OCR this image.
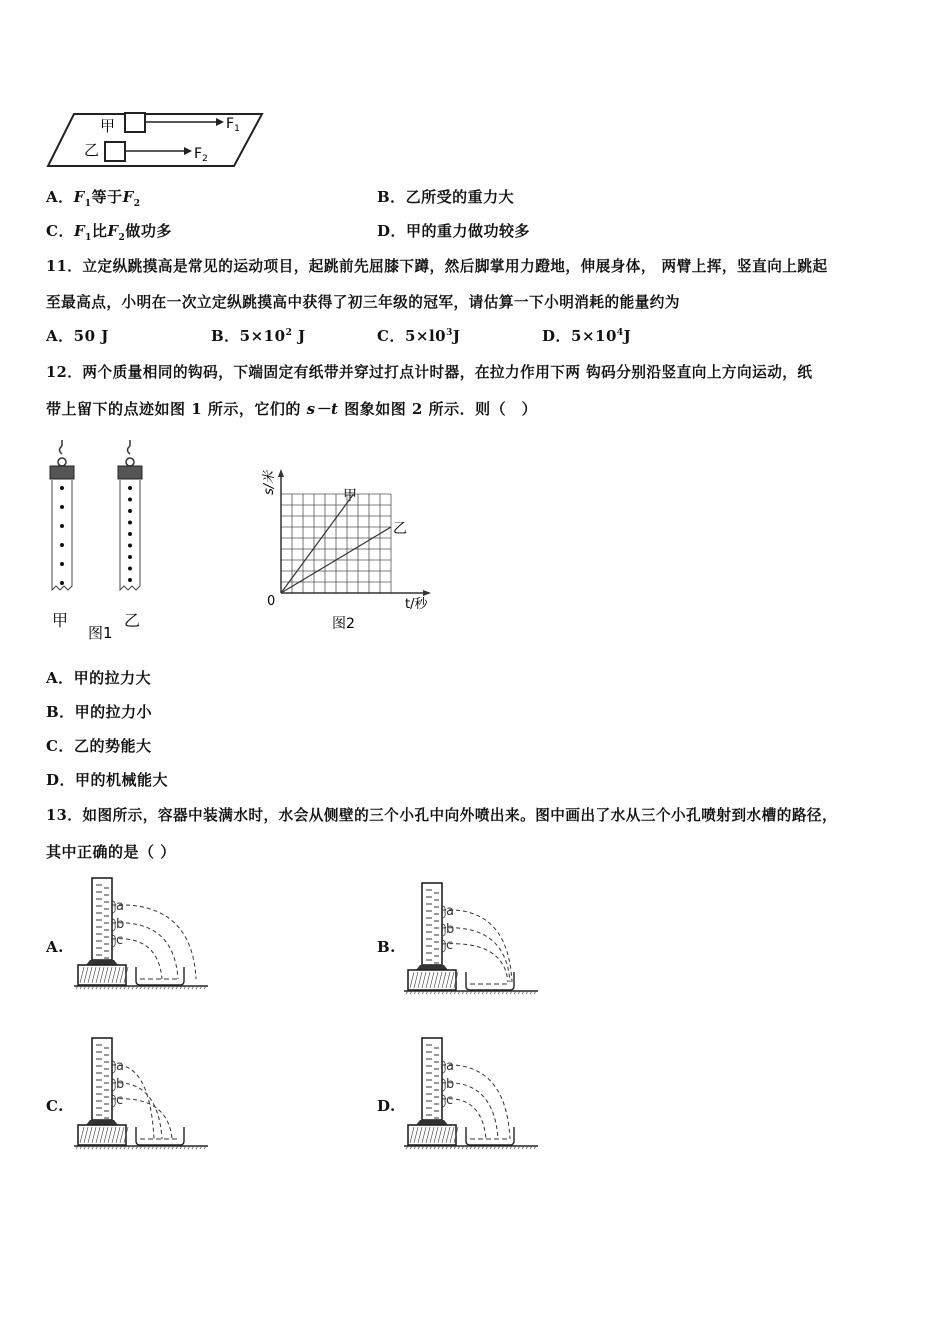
甲	$F_1$
乙	$F_2$
A．$F_1$等于$F_2$	B．乙所受的重力大
C．$F_1$比$F_2$做功多	D．甲的重力做功较多
11．立定纵跳摸高是常见的运动项目，起跳前先屈膝下蹲，然后脚掌用力蹬地，伸展身体， 两臂上挥，竖直向上跳起
至最高点，小明在一次立定纵跳摸高中获得了初三年级的冠军，请估算一下小明消耗的能量约为
A．50 J	B．$5\times 10^2$ J	C．$5\times l0^3J$	D．$5\times 10^4J$
12．两个质量相同的钩码，下端固定有纸带并穿过打点计时器，在拉力作用下两 钩码分别沿竖直向上方向运动，纸
带上留下的点迹如图 1 所示，它们的 s－t 图象如图 2 所示．则（　）
甲
图1
乙
s/米
0	t/秒
甲
乙
图2
A．甲的拉力大
B．甲的拉力小
C．乙的势能大
D．甲的机械能大
13．如图所示，容器中装满水时，水会从侧壁的三个小孔中向外喷出来。图中画出了水从三个小孔喷射到水槽的路径，
其中正确的是（ ）
A.	B.
C.	D.
a
b
c
a
b
c
a
b
c
a
b
c
